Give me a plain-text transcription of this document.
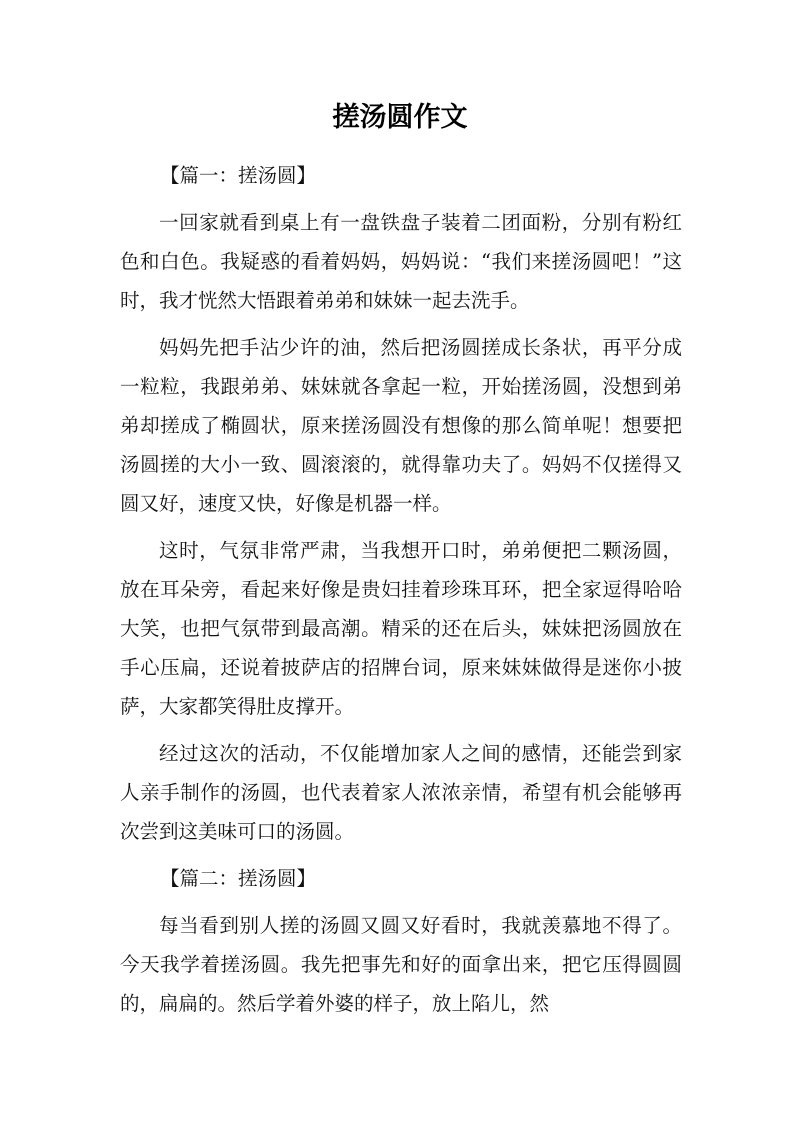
搓汤圆作文
【篇一：搓汤圆】

一回家就看到桌上有一盘铁盘子装着二团面粉，分别有粉红色和白色。我疑惑的看着妈妈，妈妈说：“我们来搓汤圆吧！”这时，我才恍然大悟跟着弟弟和妹妹一起去洗手。

妈妈先把手沾少许的油，然后把汤圆搓成长条状，再平分成一粒粒，我跟弟弟、妹妹就各拿起一粒，开始搓汤圆，没想到弟弟却搓成了椭圆状，原来搓汤圆没有想像的那么简单呢！想要把汤圆搓的大小一致、圆滚滚的，就得靠功夫了。妈妈不仅搓得又圆又好，速度又快，好像是机器一样。

这时，气氛非常严肃，当我想开口时，弟弟便把二颗汤圆，放在耳朵旁，看起来好像是贵妇挂着珍珠耳环，把全家逗得哈哈大笑，也把气氛带到最高潮。精采的还在后头，妹妹把汤圆放在手心压扁，还说着披萨店的招牌台词，原来妹妹做得是迷你小披萨，大家都笑得肚皮撑开。

经过这次的活动，不仅能增加家人之间的感情，还能尝到家人亲手制作的汤圆，也代表着家人浓浓亲情，希望有机会能够再次尝到这美味可口的汤圆。

【篇二：搓汤圆】

每当看到别人搓的汤圆又圆又好看时，我就羡慕地不得了。今天我学着搓汤圆。我先把事先和好的面拿出来，把它压得圆圆的，扁扁的。然后学着外婆的样子，放上陷儿，然
